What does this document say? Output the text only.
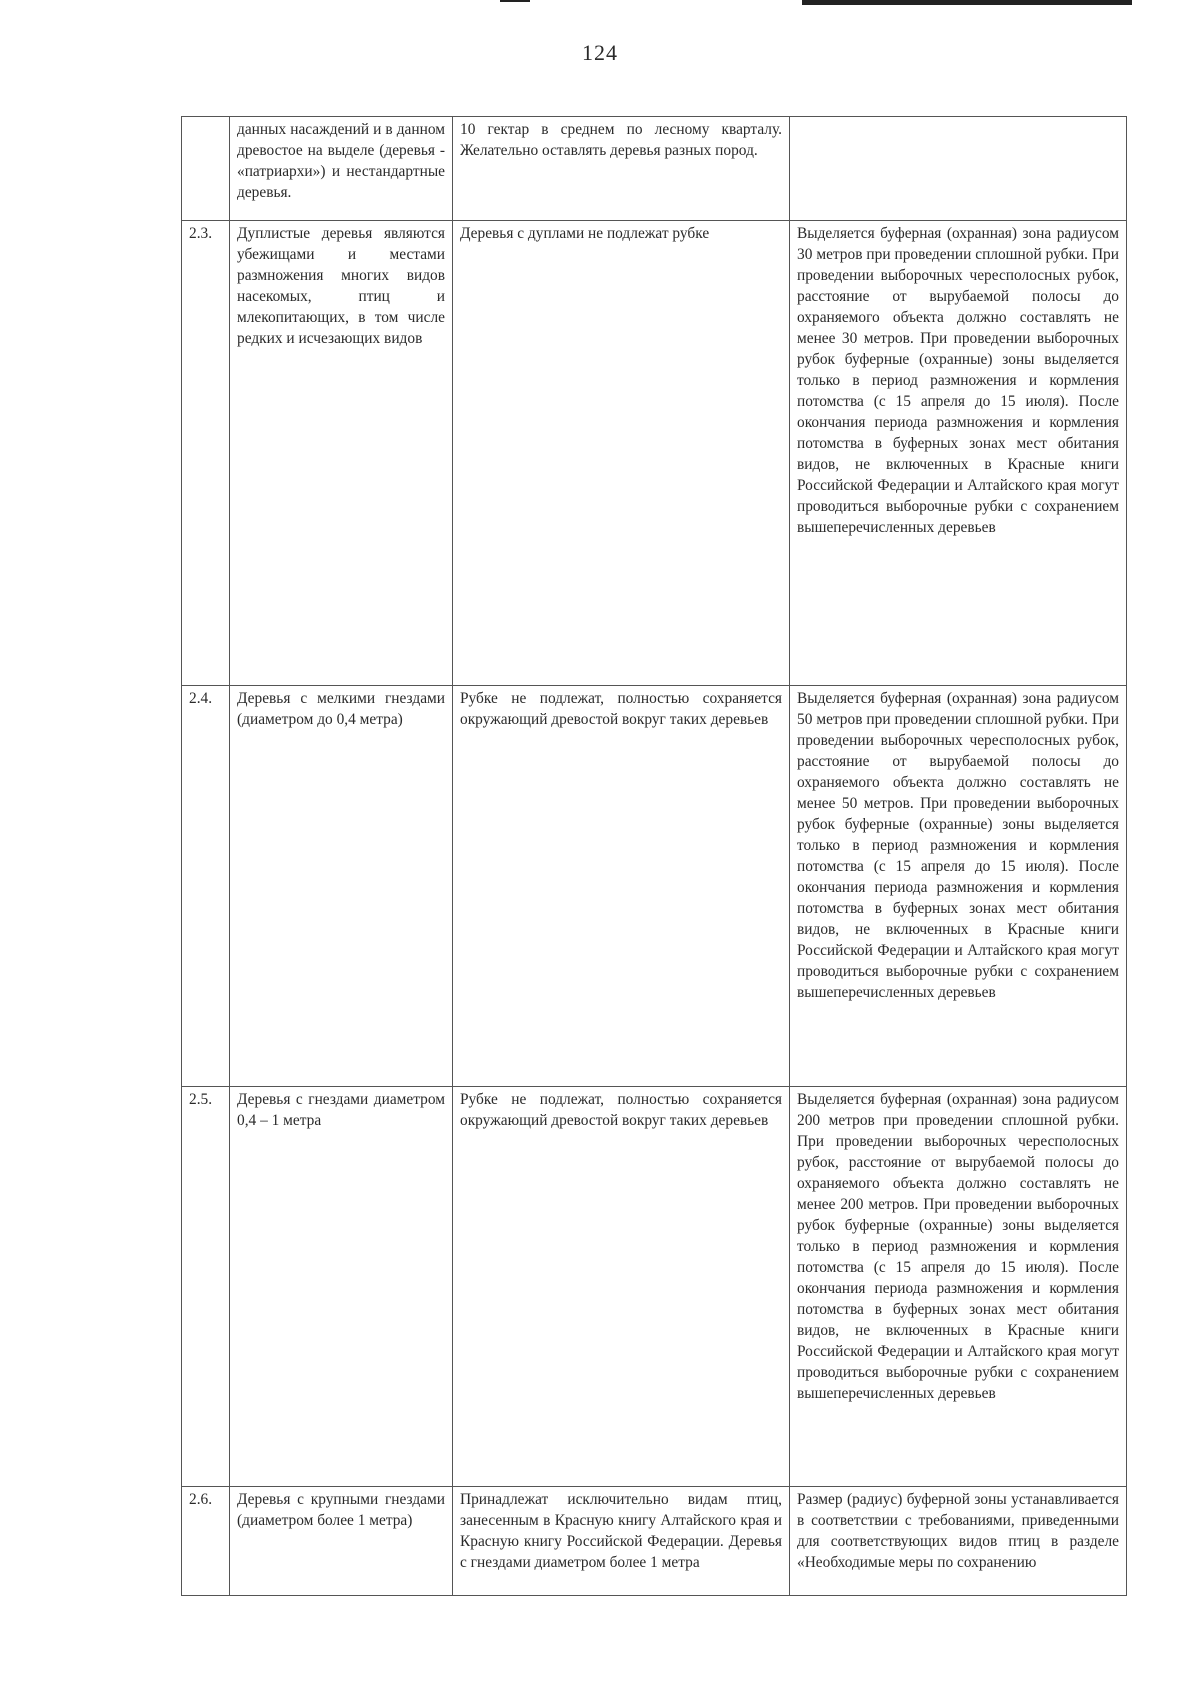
124
	данных насаждений и в данном древостое на выделе (деревья - «патриархи») и нестандартные деревья.	10 гектар в среднем по лесному кварталу. Желательно оставлять деревья разных пород.	

2.3.	Дуплистые деревья являются убежищами и местами размножения многих видов насекомых, птиц и млекопитающих, в том числе редких и исчезающих видов	Деревья с дуплами не подлежат рубке	Выделяется буферная (охранная) зона радиусом 30 метров при проведении сплошной рубки. При проведении выборочных чересполосных рубок, расстояние от вырубаемой полосы до охраняемого объекта должно составлять не менее 30 метров. При проведении выборочных рубок буферные (охранные) зоны выделяется только в период размножения и кормления потомства (с 15 апреля до 15 июля). После окончания периода размножения и кормления потомства в буферных зонах мест обитания видов, не включенных в Красные книги Российской Федерации и Алтайского края могут проводиться выборочные рубки с сохранением вышеперечисленных деревьев

2.4.	Деревья с мелкими гнездами (диаметром до 0,4 метра)	Рубке не подлежат, полностью сохраняется окружающий древостой вокруг таких деревьев	Выделяется буферная (охранная) зона радиусом 50 метров при проведении сплошной рубки. При проведении выборочных чересполосных рубок, расстояние от вырубаемой полосы до охраняемого объекта должно составлять не менее 50 метров. При проведении выборочных рубок буферные (охранные) зоны выделяется только в период размножения и кормления потомства (с 15 апреля до 15 июля). После окончания периода размножения и кормления потомства в буферных зонах мест обитания видов, не включенных в Красные книги Российской Федерации и Алтайского края могут проводиться выборочные рубки с сохранением вышеперечисленных деревьев

2.5.	Деревья с гнездами диаметром 0,4 – 1 метра	Рубке не подлежат, полностью сохраняется окружающий древостой вокруг таких деревьев	Выделяется буферная (охранная) зона радиусом 200 метров при проведении сплошной рубки. При проведении выборочных чересполосных рубок, расстояние от вырубаемой полосы до охраняемого объекта должно составлять не менее 200 метров. При проведении выборочных рубок буферные (охранные) зоны выделяется только в период размножения и кормления потомства (с 15 апреля до 15 июля). После окончания периода размножения и кормления потомства в буферных зонах мест обитания видов, не включенных в Красные книги Российской Федерации и Алтайского края могут проводиться выборочные рубки с сохранением вышеперечисленных деревьев

2.6.	Деревья с крупными гнездами (диаметром более 1 метра)	Принадлежат исключительно видам птиц, занесенным в Красную книгу Алтайского края и Красную книгу Российской Федерации. Деревья с гнездами диаметром более 1 метра	Размер (радиус) буферной зоны устанавливается в соответствии с требованиями, приведенными для соответствующих видов птиц в разделе «Необходимые меры по сохранению
